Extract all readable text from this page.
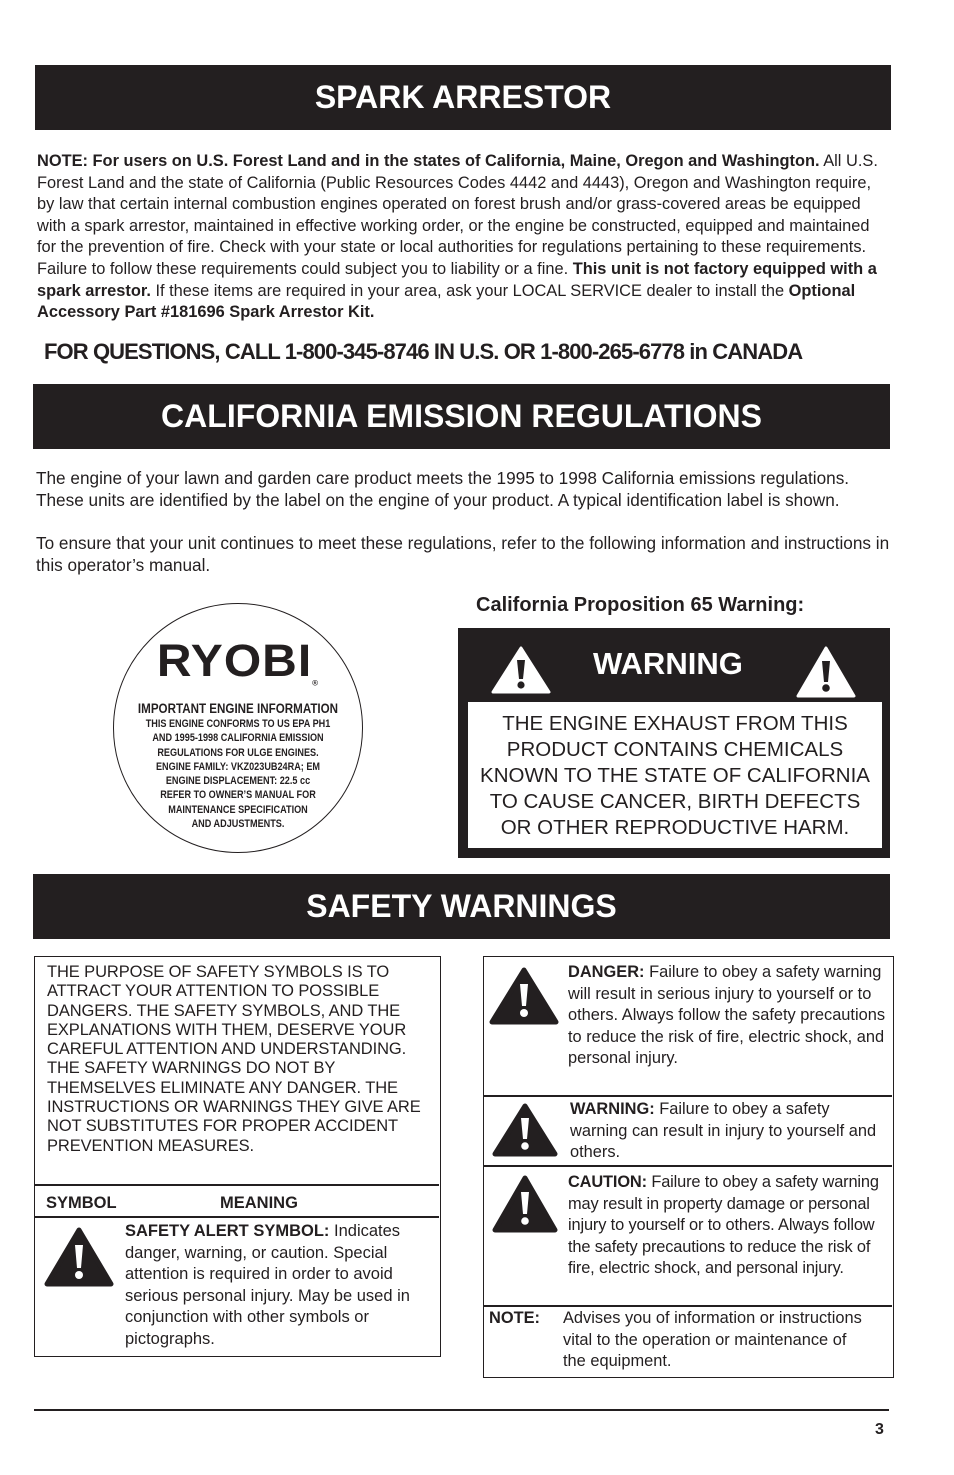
SPARK ARRESTOR
NOTE: For users on U.S. Forest Land and in the states of California, Maine, Oregon and Washington. All U.S. Forest Land and the state of California (Public Resources Codes 4442 and 4443), Oregon and Washington require, by law that certain internal combustion engines operated on forest brush and/or grass-covered areas be equipped with a spark arrestor, maintained in effective working order, or the engine be constructed, equipped and maintained for the prevention of fire. Check with your state or local authorities for regulations pertaining to these requirements. Failure to follow these requirements could subject you to liability or a fine. This unit is not factory equipped with a spark arrestor. If these items are required in your area, ask your LOCAL SERVICE dealer to install the Optional Accessory Part #181696 Spark Arrestor Kit.
FOR QUESTIONS, CALL 1-800-345-8746 IN U.S. OR 1-800-265-6778 in CANADA
CALIFORNIA EMISSION REGULATIONS
The engine of your lawn and garden care product meets the 1995 to 1998 California emissions regulations. These units are identified by the label on the engine of your product. A typical identification label is shown.
To ensure that your unit continues to meet these regulations, refer to the following information and instructions in this operator’s manual.
RYOBI®
IMPORTANT ENGINE INFORMATION
THIS ENGINE CONFORMS TO US EPA PH1
AND 1995-1998 CALIFORNIA EMISSION
REGULATIONS FOR ULGE ENGINES.
ENGINE FAMILY: VKZ023UB24RA; EM
ENGINE DISPLACEMENT: 22.5 cc
REFER TO OWNER’S MANUAL FOR
MAINTENANCE SPECIFICATION
AND ADJUSTMENTS.
California Proposition 65 Warning:
WARNING
THE ENGINE EXHAUST FROM THIS
PRODUCT CONTAINS CHEMICALS
KNOWN TO THE STATE OF CALIFORNIA
TO CAUSE CANCER, BIRTH DEFECTS
OR OTHER REPRODUCTIVE HARM.
SAFETY WARNINGS
THE PURPOSE OF SAFETY SYMBOLS IS TO ATTRACT YOUR ATTENTION TO POSSIBLE DANGERS. THE SAFETY SYMBOLS, AND THE EXPLANATIONS WITH THEM, DESERVE YOUR CAREFUL ATTENTION AND UNDERSTANDING. THE SAFETY WARNINGS DO NOT BY THEMSELVES ELIMINATE ANY DANGER. THE INSTRUCTIONS OR WARNINGS THEY GIVE ARE NOT SUBSTITUTES FOR PROPER ACCIDENT PREVENTION MEASURES.
SYMBOL	MEANING
SAFETY ALERT SYMBOL: Indicates danger, warning, or caution. Special attention is required in order to avoid serious personal injury. May be used in conjunction with other symbols or pictographs.
DANGER: Failure to obey a safety warning will result in serious injury to yourself or to others. Always follow the safety precautions to reduce the risk of fire, electric shock, and personal injury.
WARNING: Failure to obey a safety warning can result in injury to yourself and others.
CAUTION: Failure to obey a safety warning may result in property damage or personal injury to yourself or to others. Always follow the safety precautions to reduce the risk of fire, electric shock, and personal injury.
NOTE: Advises you of information or instructions vital to the operation or maintenance of the equipment.
3
